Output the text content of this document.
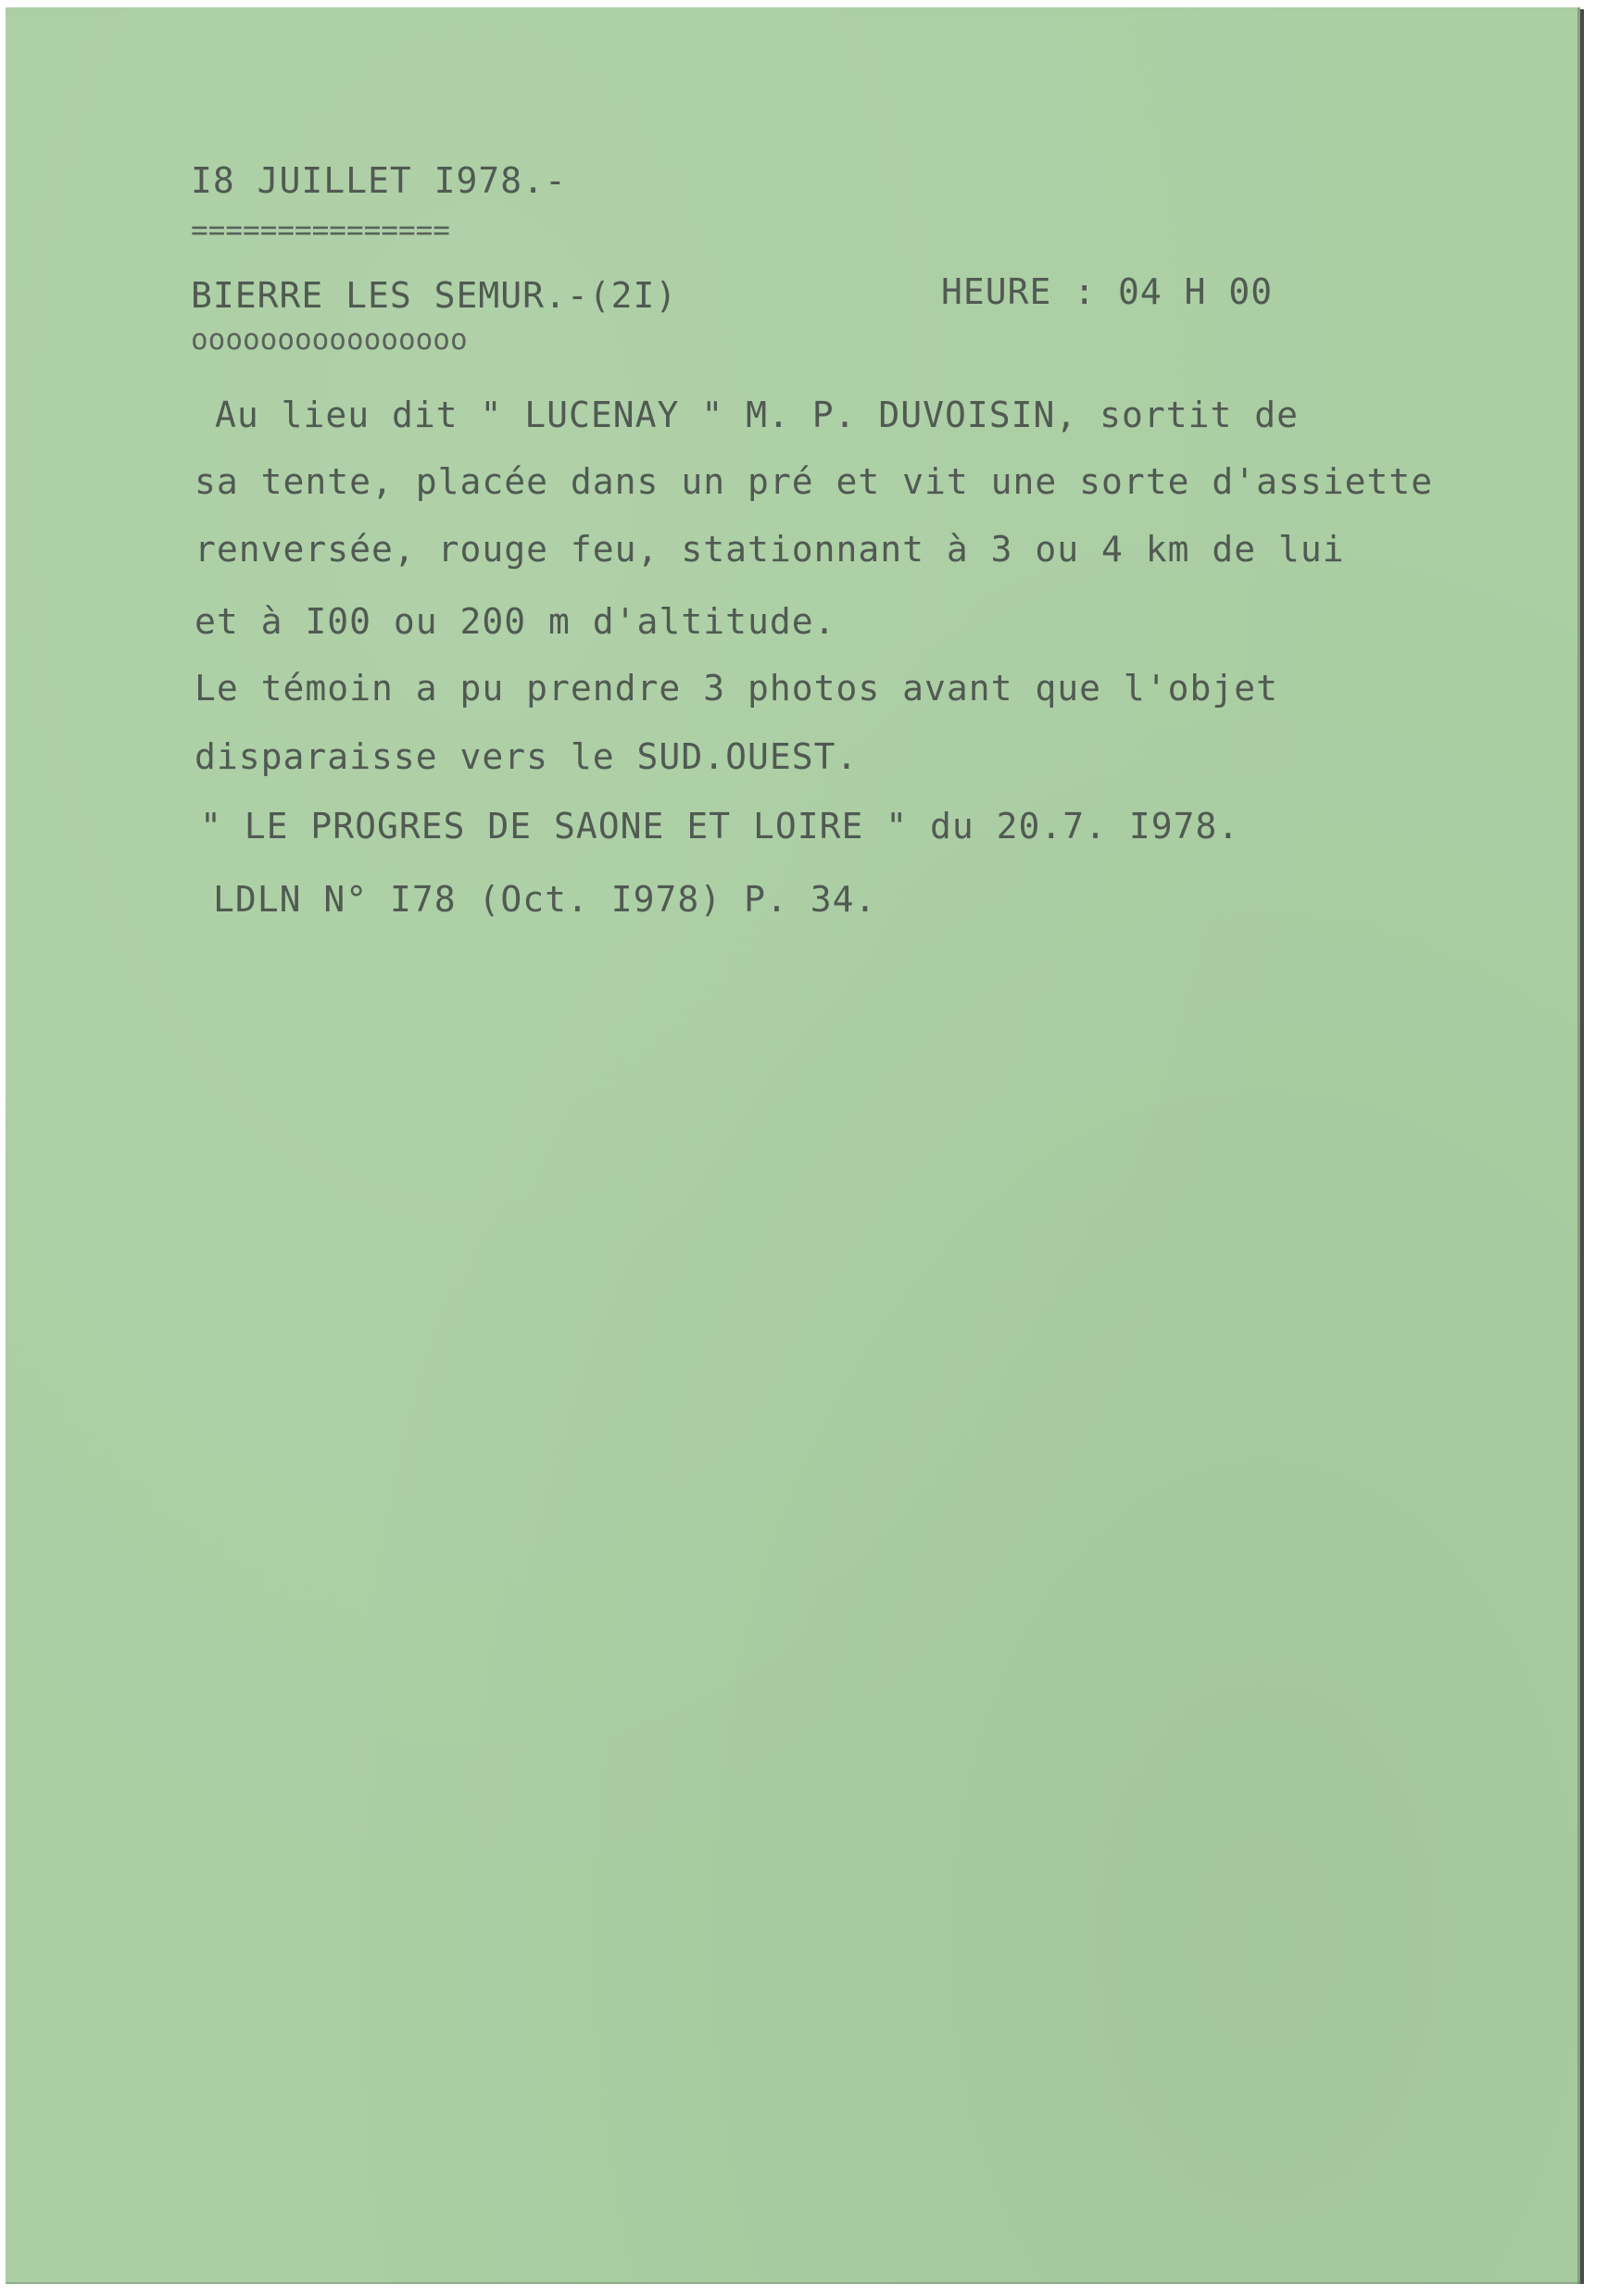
I8 JUILLET I978.-

===============

BIERRE LES SEMUR.-(2I)	HEURE : 04 H 00

oooooooooooooooo

Au lieu dit " LUCENAY " M. P. DUVOISIN, sortit de

sa tente, placée dans un pré et vit une sorte d'assiette

renversée, rouge feu, stationnant à 3 ou 4 km de lui

et à I00 ou 200 m d'altitude.

Le témoin a pu prendre 3 photos avant que l'objet

disparaisse vers le SUD.OUEST.

" LE PROGRES DE SAONE ET LOIRE " du 20.7. I978.

LDLN N° I78 (Oct. I978) P. 34.
